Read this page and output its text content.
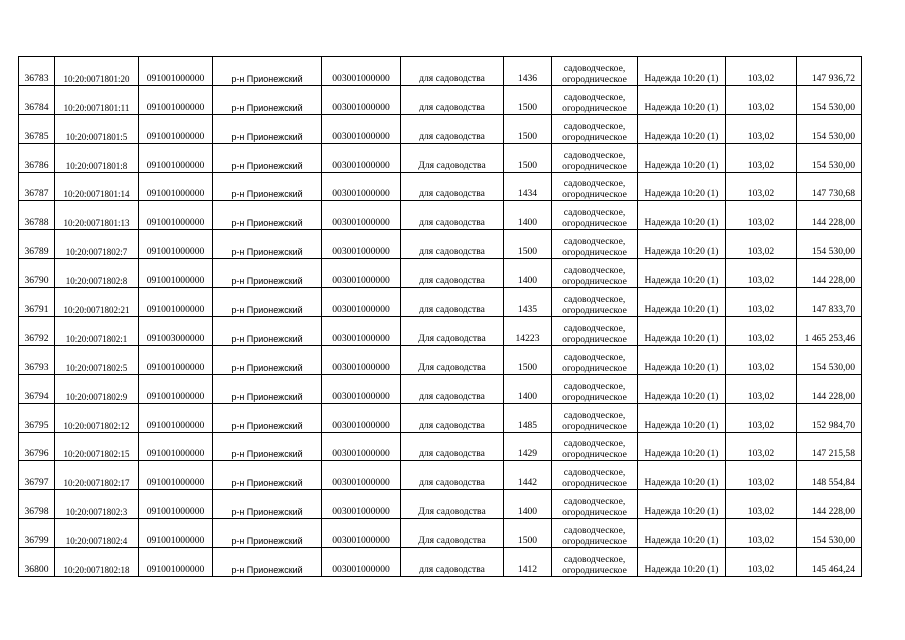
36783	10:20:0071801:20	091001000000	р-н Прионежский	003001000000	для садоводства	1436	садоводческое,
огородническое	Надежда 10:20 (1)	103,02	147 936,72
36784	10:20:0071801:11	091001000000	р-н Прионежский	003001000000	для садоводства	1500	садоводческое,
огородническое	Надежда 10:20 (1)	103,02	154 530,00
36785	10:20:0071801:5	091001000000	р-н Прионежский	003001000000	для садоводства	1500	садоводческое,
огородническое	Надежда 10:20 (1)	103,02	154 530,00
36786	10:20:0071801:8	091001000000	р-н Прионежский	003001000000	Для садоводства	1500	садоводческое,
огородническое	Надежда 10:20 (1)	103,02	154 530,00
36787	10:20:0071801:14	091001000000	р-н Прионежский	003001000000	для садоводства	1434	садоводческое,
огородническое	Надежда 10:20 (1)	103,02	147 730,68
36788	10:20:0071801:13	091001000000	р-н Прионежский	003001000000	для садоводства	1400	садоводческое,
огородническое	Надежда 10:20 (1)	103,02	144 228,00
36789	10:20:0071802:7	091001000000	р-н Прионежский	003001000000	для садоводства	1500	садоводческое,
огородническое	Надежда 10:20 (1)	103,02	154 530,00
36790	10:20:0071802:8	091001000000	р-н Прионежский	003001000000	для садоводства	1400	садоводческое,
огородническое	Надежда 10:20 (1)	103,02	144 228,00
36791	10:20:0071802:21	091001000000	р-н Прионежский	003001000000	для садоводства	1435	садоводческое,
огородническое	Надежда 10:20 (1)	103,02	147 833,70
36792	10:20:0071802:1	091003000000	р-н Прионежский	003001000000	Для садоводства	14223	садоводческое,
огородническое	Надежда 10:20 (1)	103,02	1 465 253,46
36793	10:20:0071802:5	091001000000	р-н Прионежский	003001000000	Для садоводства	1500	садоводческое,
огородническое	Надежда 10:20 (1)	103,02	154 530,00
36794	10:20:0071802:9	091001000000	р-н Прионежский	003001000000	для садоводства	1400	садоводческое,
огородническое	Надежда 10:20 (1)	103,02	144 228,00
36795	10:20:0071802:12	091001000000	р-н Прионежский	003001000000	для садоводства	1485	садоводческое,
огородническое	Надежда 10:20 (1)	103,02	152 984,70
36796	10:20:0071802:15	091001000000	р-н Прионежский	003001000000	для садоводства	1429	садоводческое,
огородническое	Надежда 10:20 (1)	103,02	147 215,58
36797	10:20:0071802:17	091001000000	р-н Прионежский	003001000000	для садоводства	1442	садоводческое,
огородническое	Надежда 10:20 (1)	103,02	148 554,84
36798	10:20:0071802:3	091001000000	р-н Прионежский	003001000000	Для садоводства	1400	садоводческое,
огородническое	Надежда 10:20 (1)	103,02	144 228,00
36799	10:20:0071802:4	091001000000	р-н Прионежский	003001000000	Для садоводства	1500	садоводческое,
огородническое	Надежда 10:20 (1)	103,02	154 530,00
36800	10:20:0071802:18	091001000000	р-н Прионежский	003001000000	для садоводства	1412	садоводческое,
огородническое	Надежда 10:20 (1)	103,02	145 464,24
